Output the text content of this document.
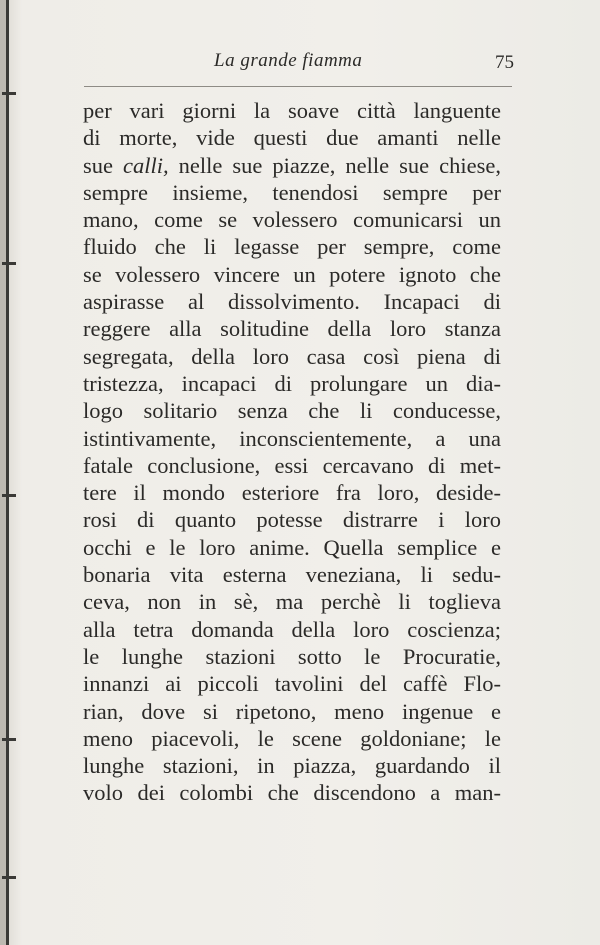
La grande fiamma	75
per vari giorni la soave città languente
di morte, vide questi due amanti nelle
sue calli, nelle sue piazze, nelle sue chiese,
sempre insieme, tenendosi sempre per
mano, come se volessero comunicarsi un
fluido che li legasse per sempre, come
se volessero vincere un potere ignoto che
aspirasse al dissolvimento. Incapaci di
reggere alla solitudine della loro stanza
segregata, della loro casa così piena di
tristezza, incapaci di prolungare un dia-
logo solitario senza che li conducesse,
istintivamente, inconscientemente, a una
fatale conclusione, essi cercavano di met-
tere il mondo esteriore fra loro, deside-
rosi di quanto potesse distrarre i loro
occhi e le loro anime. Quella semplice e
bonaria vita esterna veneziana, li sedu-
ceva, non in sè, ma perchè li toglieva
alla tetra domanda della loro coscienza;
le lunghe stazioni sotto le Procuratie,
innanzi ai piccoli tavolini del caffè Flo-
rian, dove si ripetono, meno ingenue e
meno piacevoli, le scene goldoniane; le
lunghe stazioni, in piazza, guardando il
volo dei colombi che discendono a man-
